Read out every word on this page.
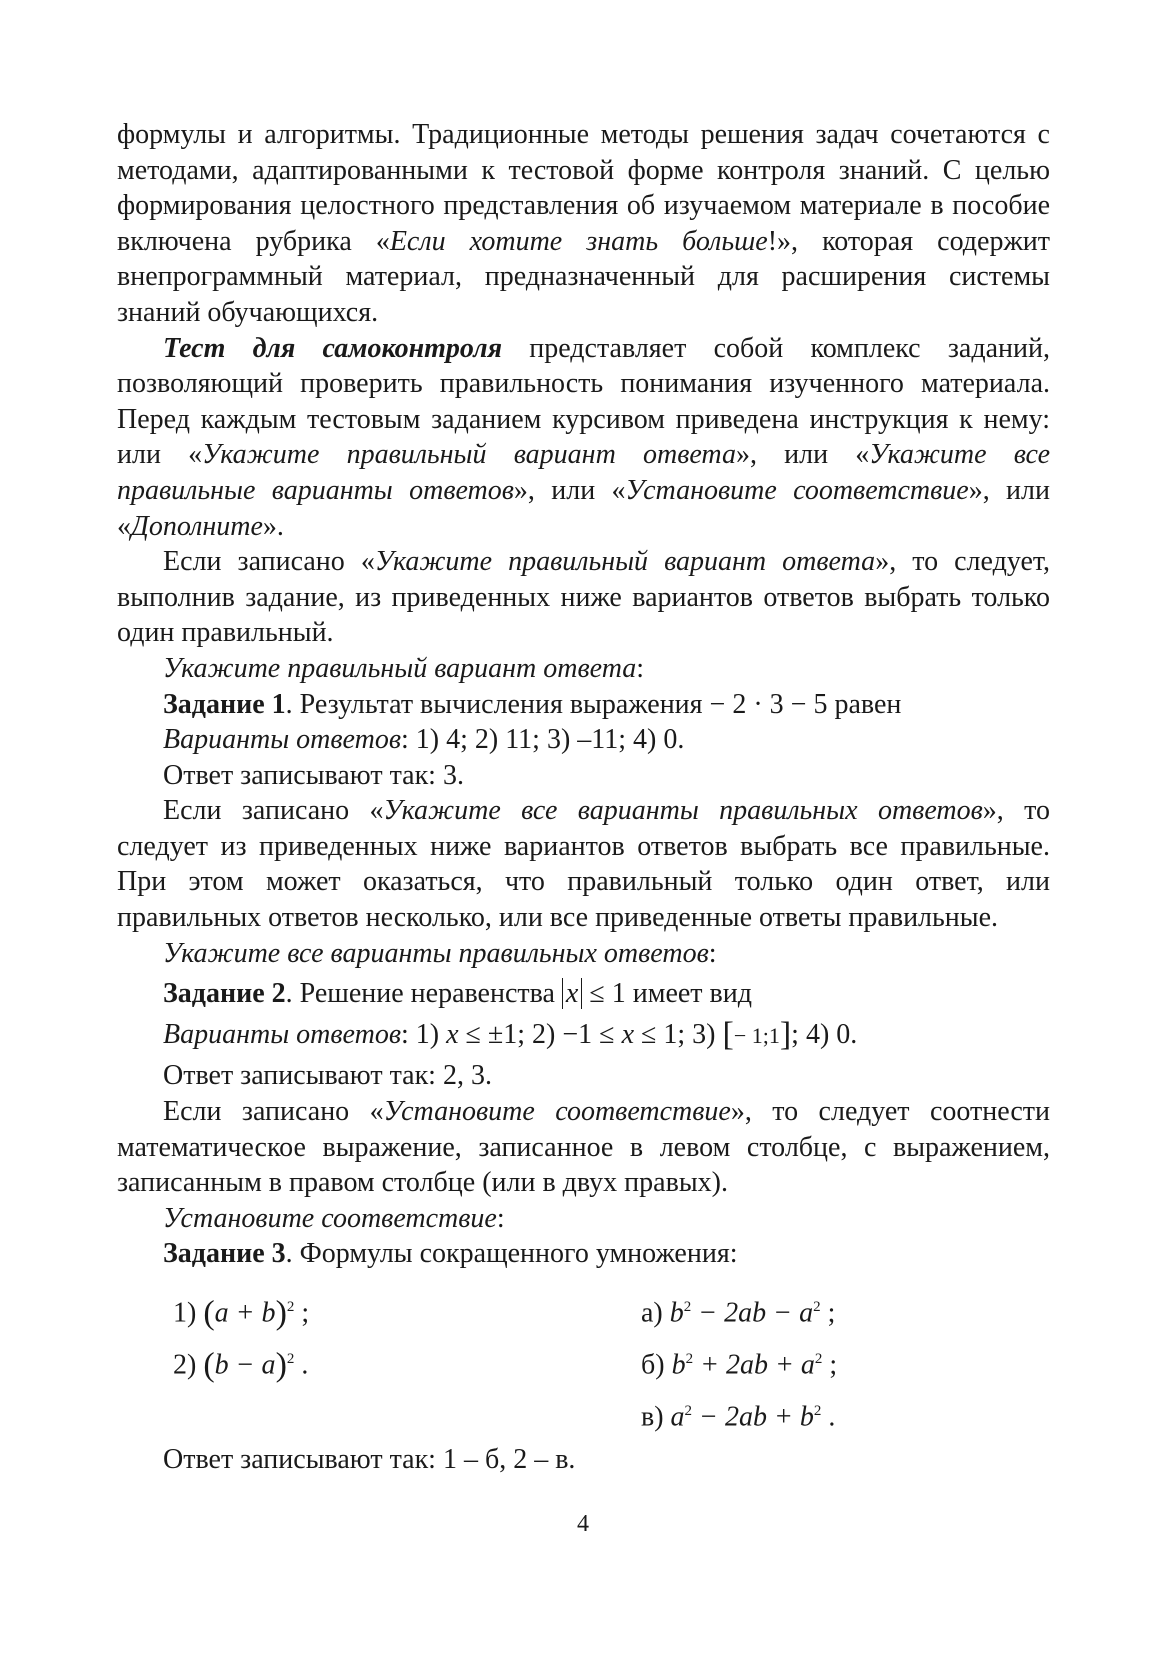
формулы и алгоритмы. Традиционные методы решения задач сочетаются с методами, адаптированными к тестовой форме контроля знаний. С целью формирования целостного представления об изучаемом материале в пособие включена рубрика «Если хотите знать больше!», которая содержит внепрограммный материал, предназначенный для расширения системы знаний обучающихся.

Тест для самоконтроля представляет собой комплекс заданий, позволяющий проверить правильность понимания изученного материала. Перед каждым тестовым заданием курсивом приведена инструкция к нему: или «Укажите правильный вариант ответа», или «Укажите все правильные варианты ответов», или «Установите соответствие», или «Дополните».

Если записано «Укажите правильный вариант ответа», то следует, выполнив задание, из приведенных ниже вариантов ответов выбрать только один правильный.

Укажите правильный вариант ответа:

Задание 1. Результат вычисления выражения − 2 · 3 − 5 равен

Варианты ответов: 1) 4; 2) 11; 3) –11; 4) 0.

Ответ записывают так: 3.

Если записано «Укажите все варианты правильных ответов», то следует из приведенных ниже вариантов ответов выбрать все правильные. При этом может оказаться, что правильный только один ответ, или правильных ответов несколько, или все приведенные ответы правильные.

Укажите все варианты правильных ответов:

Задание 2. Решение неравенства x ≤ 1 имеет вид

Варианты ответов: 1) x ≤ ±1; 2) −1 ≤ x ≤ 1; 3) [− 1;1]; 4) 0.

Ответ записывают так: 2, 3.

Если записано «Установите соответствие», то следует соотнести математическое выражение, записанное в левом столбце, с выражением, записанным в правом столбце (или в двух правых).

Установите соответствие:

Задание 3. Формулы сокращенного умножения:

1) $(a + b)^2$ ;	а) $b^2 - 2ab - a^2$ ;
2) $(b - a)^2$ .	б) $b^2 + 2ab + a^2$ ;
в) $a^2 - 2ab + b^2$ .

Ответ записывают так: 1 – б, 2 – в.

4
